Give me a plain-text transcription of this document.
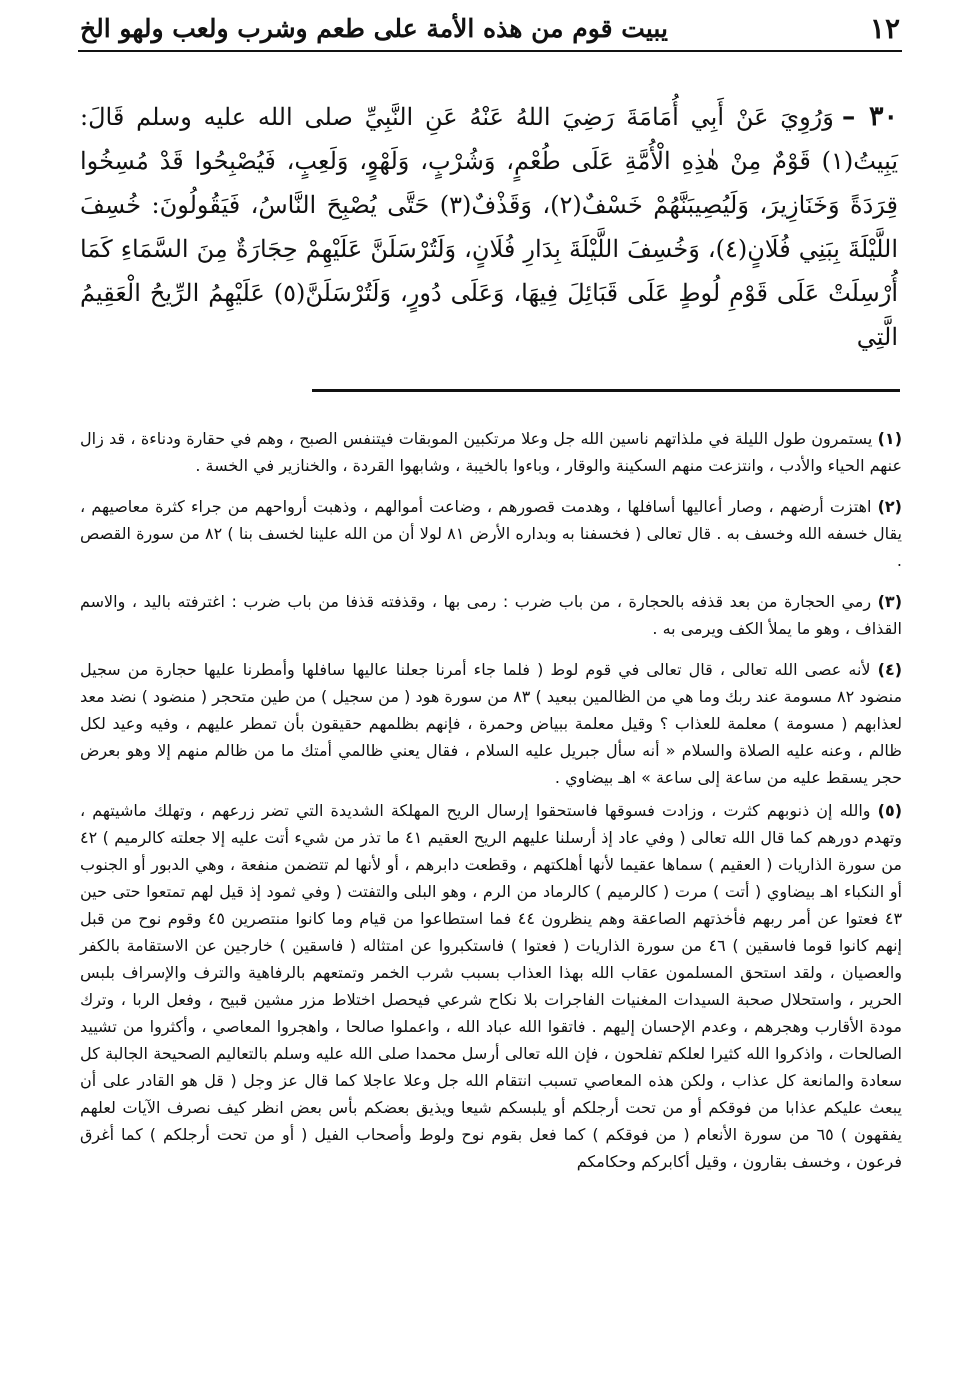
١٢
يبيت قوم من هذه الأمة على طعم وشرب ولعب ولهو الخ

٣٠ –وَرُوِيَ عَنْ أَبِي أُمَامَةَ رَضِيَ اللهُ عَنْهُ عَنِ النَّبِيِّ صلى الله عليه وسلم قَالَ: يَبِيتُ(١) قَوْمٌ مِنْ هٰذِهِ الْأُمَّةِ عَلَى طُعْمٍ، وَشُرْبٍ، وَلَهْوٍ، وَلَعِبٍ، فَيُصْبِحُوا قَدْ مُسِخُوا قِرَدَةً وَخَنَازِيرَ، وَلَيُصِيبَنَّهُمْ خَسْفٌ(٢)، وَقَذْفٌ(٣) حَتَّى يُصْبِحَ النَّاسُ، فَيَقُولُونَ: خُسِفَ اللَّيْلَةَ بِبَنِي فُلَانٍ(٤)، وَخُسِفَ اللَّيْلَةَ بِدَارِ فُلَانٍ، وَلَتُرْسَلَنَّ عَلَيْهِمْ حِجَارَةٌ مِنَ السَّمَاءِ كَمَا أُرْسِلَتْ عَلَى قَوْمِ لُوطٍ عَلَى قَبَائِلَ فِيهَا، وَعَلَى دُورٍ، وَلَتُرْسَلَنَّ(٥) عَلَيْهِمُ الرِّيحُ الْعَقِيمُ الَّتِي

(١) يستمرون طول الليلة في ملذاتهم ناسين الله جل وعلا مرتكبين الموبقات فيتنفس الصبح ، وهم في حقارة ودناءة ، قد زال عنهم الحياء والأدب ، وانتزعت منهم السكينة والوقار ، وباءوا بالخيبة ، وشابهوا القردة ، والخنازير في الخسة .

(٢) اهتزت أرضهم ، وصار أعاليها أسافلها ، وهدمت قصورهم ، وضاعت أموالهم ، وذهبت أرواحهم من جراء كثرة معاصيهم ، يقال خسفه الله وخسف به . قال تعالى ( فخسفنا به وبداره الأرض ٨١ لولا أن من الله علينا لخسف بنا ) ٨٢ من سورة القصص .

(٣) رمي الحجارة من بعد قذفه بالحجارة ، من باب ضرب : رمى بها ، وقذفته قذفا من باب ضرب : اغترفته باليد ، والاسم القذاف ، وهو ما يملأ الكف ويرمى به .

(٤) لأنه عصى الله تعالى ، قال تعالى في قوم لوط ( فلما جاء أمرنا جعلنا عاليها سافلها وأمطرنا عليها حجارة من سجيل منضود ٨٢ مسومة عند ربك وما هي من الظالمين ببعيد ) ٨٣ من سورة هود ( من سجيل ) من طين متحجر ( منضود ) نضد معد لعذابهم ( مسومة ) معلمة للعذاب ؟ وقيل معلمة ببياض وحمرة ، فإنهم بظلمهم حقيقون بأن تمطر عليهم ، وفيه وعيد لكل ظالم ، وعنه عليه الصلاة والسلام « أنه سأل جبريل عليه السلام ، فقال يعني ظالمي أمتك ما من ظالم منهم إلا وهو بعرض حجر يسقط عليه من ساعة إلى ساعة » اهـ بيضاوي .

(٥) والله إن ذنوبهم كثرت ، وزادت فسوقها فاستحقوا إرسال الريح المهلكة الشديدة التي تضر زرعهم ، وتهلك ماشيتهم ، وتهدم دورهم كما قال الله تعالى ( وفي عاد إذ أرسلنا عليهم الريح العقيم ٤١ ما تذر من شيء أتت عليه إلا جعلته كالرميم ) ٤٢ من سورة الذاريات ( العقيم ) سماها عقيما لأنها أهلكتهم ، وقطعت دابرهم ، أو لأنها لم تتضمن منفعة ، وهي الدبور أو الجنوب أو النكباء اهـ بيضاوي ( أتت ) مرت ( كالرميم ) كالرماد من الرم ، وهو البلى والتفتت ( وفي ثمود إذ قيل لهم تمتعوا حتى حين ٤٣ فعتوا عن أمر ربهم فأخذتهم الصاعقة وهم ينظرون ٤٤ فما استطاعوا من قيام وما كانوا منتصرين ٤٥ وقوم نوح من قبل إنهم كانوا قوما فاسقين ) ٤٦ من سورة الذاريات ( فعتوا ) فاستكبروا عن امتثاله ( فاسقين ) خارجين عن الاستقامة بالكفر والعصيان ، ولقد استحق المسلمون عقاب الله بهذا العذاب بسبب شرب الخمر وتمتعهم بالرفاهية والترف والإسراف بلبس الحرير ، واستحلال صحبة السيدات المغنيات الفاجرات بلا نكاح شرعي فيحصل اختلاط مزر مشين قبيح ، وفعل الربا ، وترك مودة الأقارب وهجرهم ، وعدم الإحسان إليهم . فاتقوا الله عباد الله ، واعملوا صالحا ، واهجروا المعاصي ، وأكثروا من تشييد الصالحات ، واذكروا الله كثيرا لعلكم تفلحون ، فإن الله تعالى أرسل محمدا صلى الله عليه وسلم بالتعاليم الصحيحة الجالبة كل سعادة والمانعة كل عذاب ، ولكن هذه المعاصي تسبب انتقام الله جل وعلا عاجلا كما قال عز وجل ( قل هو القادر على أن يبعث عليكم عذابا من فوقكم أو من تحت أرجلكم أو يلبسكم شيعا ويذيق بعضكم بأس بعض انظر كيف نصرف الآيات لعلهم يفقهون ) ٦٥ من سورة الأنعام ( من فوقكم ) كما فعل بقوم نوح ولوط وأصحاب الفيل ( أو من تحت أرجلكم ) كما أغرق فرعون ، وخسف بقارون ، وقيل أكابركم وحكامكم
